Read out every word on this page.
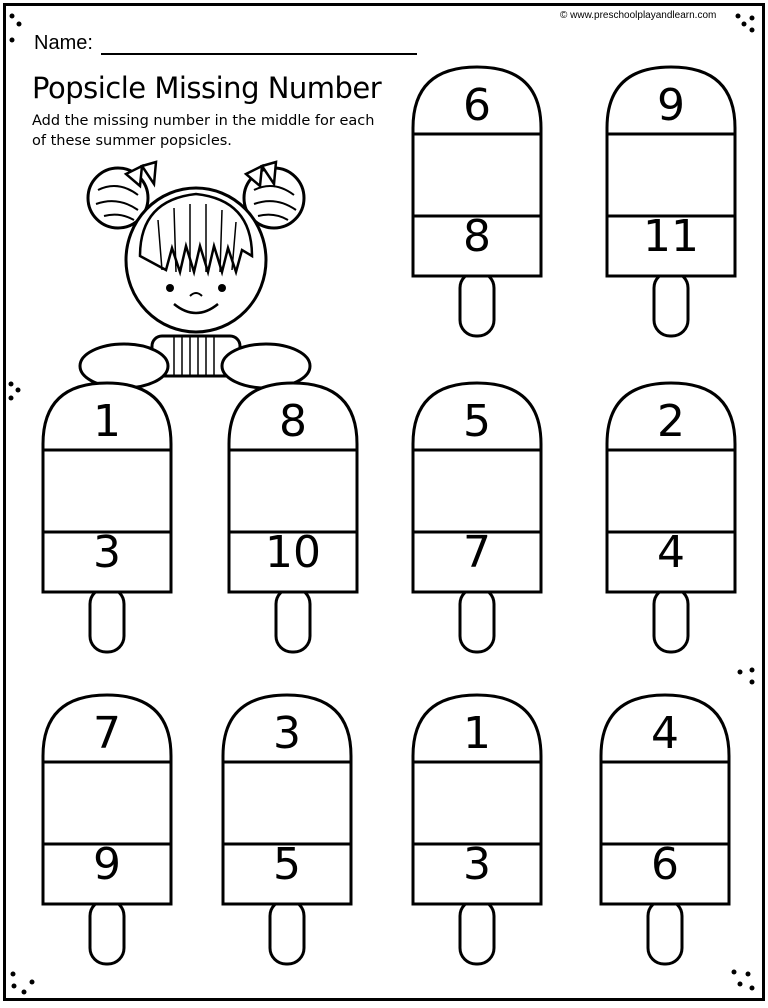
© www.preschoolplayandlearn.com
Name:
Popsicle Missing Number
Add the missing number in the middle for each of these summer popsicles.
6
8
9
11
1
3
8
10
5
7
2
4
7
9
3
5
1
3
4
6
